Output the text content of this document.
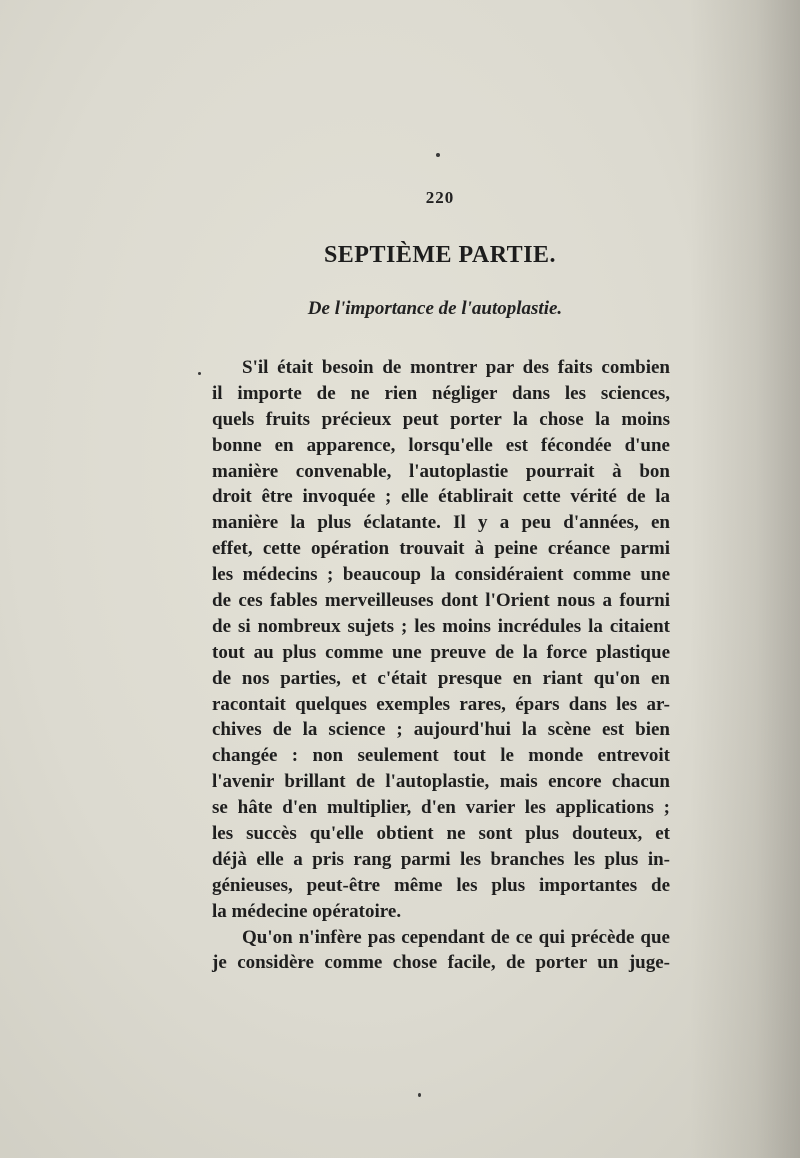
220
SEPTIÈME PARTIE.
De l'importance de l'autoplastie.
S'il était besoin de montrer par des faits combien
il importe de ne rien négliger dans les sciences,
quels fruits précieux peut porter la chose la moins
bonne en apparence, lorsqu'elle est fécondée d'une
manière convenable, l'autoplastie pourrait à bon
droit être invoquée ; elle établirait cette vérité de la
manière la plus éclatante. Il y a peu d'années, en
effet, cette opération trouvait à peine créance parmi
les médecins ; beaucoup la considéraient comme une
de ces fables merveilleuses dont l'Orient nous a fourni
de si nombreux sujets ; les moins incrédules la citaient
tout au plus comme une preuve de la force plastique
de nos parties, et c'était presque en riant qu'on en
racontait quelques exemples rares, épars dans les ar-
chives de la science ; aujourd'hui la scène est bien
changée : non seulement tout le monde entrevoit
l'avenir brillant de l'autoplastie, mais encore chacun
se hâte d'en multiplier, d'en varier les applications ;
les succès qu'elle obtient ne sont plus douteux, et
déjà elle a pris rang parmi les branches les plus in-
génieuses, peut-être même les plus importantes de
la médecine opératoire.
Qu'on n'infère pas cependant de ce qui précède que
je considère comme chose facile, de porter un juge-
